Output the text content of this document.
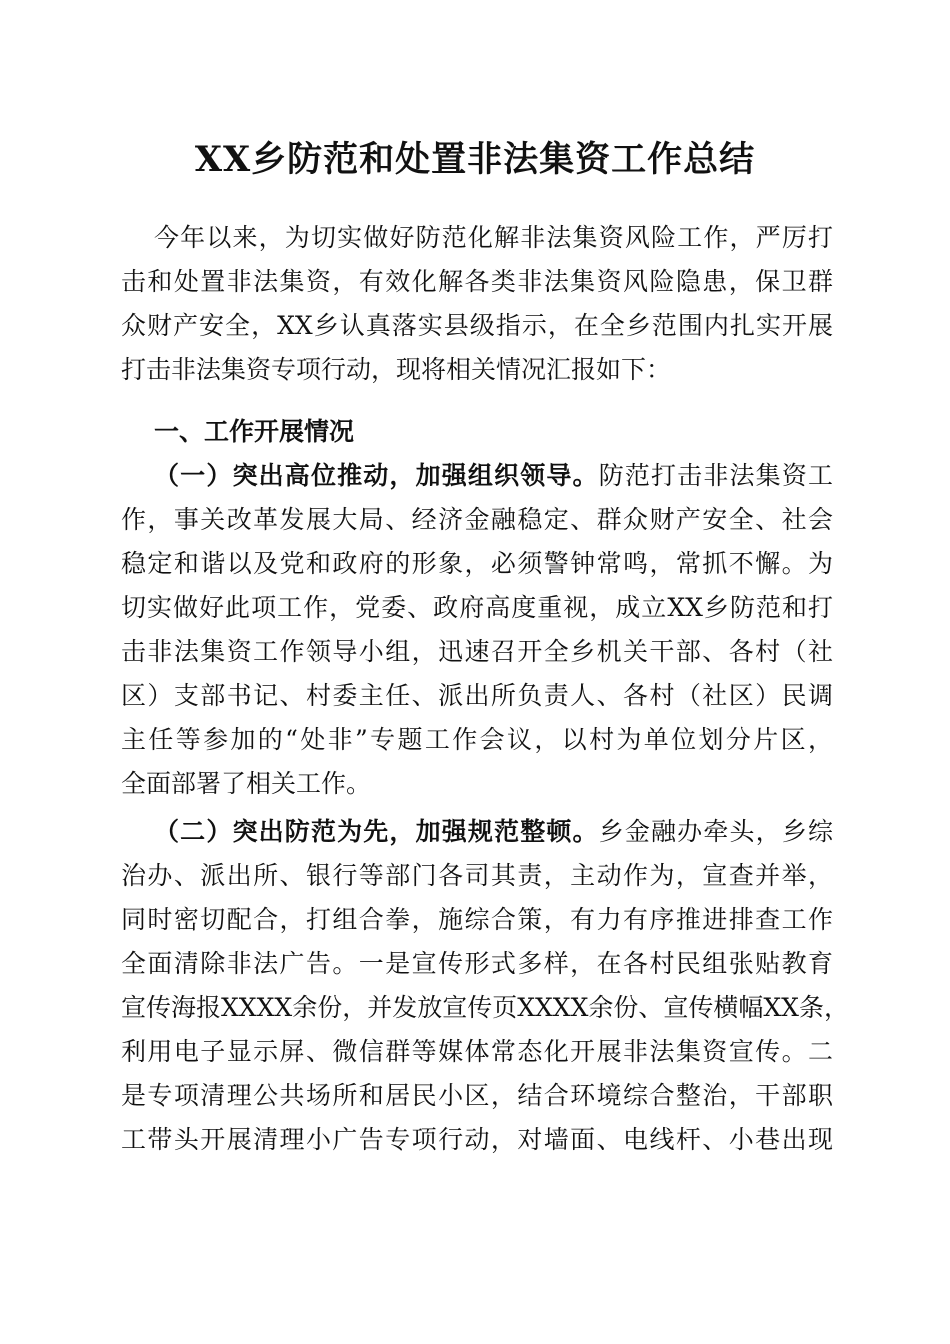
XX乡防范和处置非法集资工作总结

今年以来，为切实做好防范化解非法集资风险工作，严厉打

击和处置非法集资，有效化解各类非法集资风险隐患，保卫群

众财产安全，XX乡认真落实县级指示，在全乡范围内扎实开展

打击非法集资专项行动，现将相关情况汇报如下：

一、工作开展情况

（一）突出高位推动，加强组织领导。防范打击非法集资工

作，事关改革发展大局、经济金融稳定、群众财产安全、社会

稳定和谐以及党和政府的形象，必须警钟常鸣，常抓不懈。为

切实做好此项工作，党委、政府高度重视，成立XX乡防范和打

击非法集资工作领导小组，迅速召开全乡机关干部、各村（社

区）支部书记、村委主任、派出所负责人、各村（社区）民调

主任等参加的“处非”专题工作会议，以村为单位划分片区，

全面部署了相关工作。

（二）突出防范为先，加强规范整顿。乡金融办牵头，乡综

治办、派出所、银行等部门各司其责，主动作为，宣查并举，

同时密切配合，打组合拳，施综合策，有力有序推进排查工作

全面清除非法广告。一是宣传形式多样，在各村民组张贴教育

宣传海报XXXX余份，并发放宣传页XXXX余份、宣传横幅XX条，

利用电子显示屏、微信群等媒体常态化开展非法集资宣传。二

是专项清理公共场所和居民小区，结合环境综合整治，干部职

工带头开展清理小广告专项行动，对墙面、电线杆、小巷出现
